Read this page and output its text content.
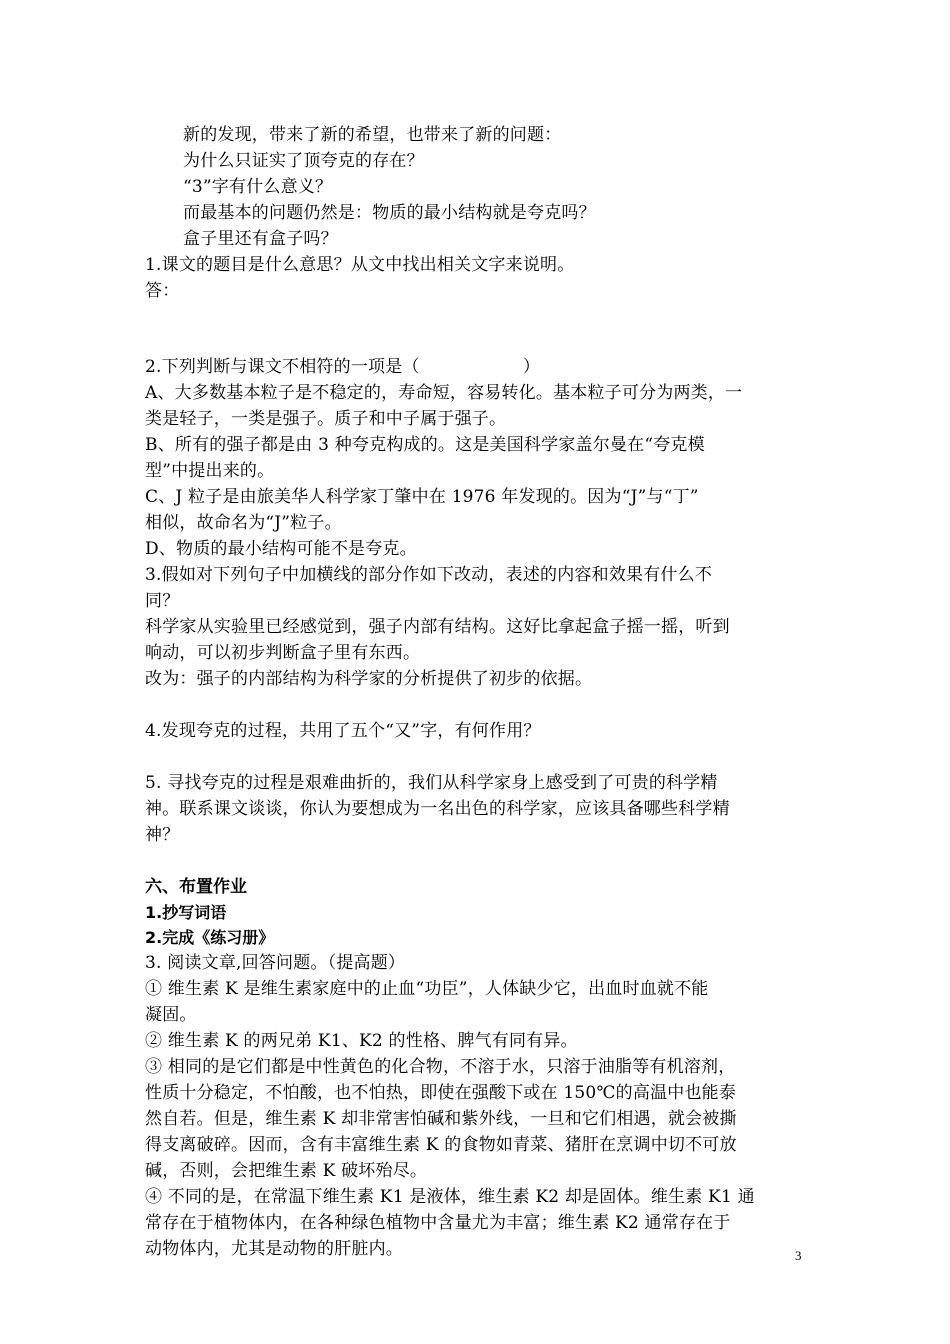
新的发现，带来了新的希望，也带来了新的问题：
为什么只证实了顶夸克的存在？
“3”字有什么意义？
而最基本的问题仍然是：物质的最小结构就是夸克吗？
盒子里还有盒子吗？
1.课文的题目是什么意思？从文中找出相关文字来说明。
答：
2.下列判断与课文不相符的一项是（　　　　　　）
A、大多数基本粒子是不稳定的，寿命短，容易转化。基本粒子可分为两类，一
类是轻子，一类是强子。质子和中子属于强子。
B、所有的强子都是由 3 种夸克构成的。这是美国科学家盖尔曼在“夸克模
型”中提出来的。
C、J 粒子是由旅美华人科学家丁肇中在 1976 年发现的。因为“J”与“丁”
相似，故命名为“J”粒子。
D、物质的最小结构可能不是夸克。
3.假如对下列句子中加横线的部分作如下改动，表述的内容和效果有什么不
同？
科学家从实验里已经感觉到，强子内部有结构。这好比拿起盒子摇一摇，听到
响动，可以初步判断盒子里有东西。
改为：强子的内部结构为科学家的分析提供了初步的依据。
4.发现夸克的过程，共用了五个“又”字，有何作用？
5. 寻找夸克的过程是艰难曲折的，我们从科学家身上感受到了可贵的科学精
神。联系课文谈谈，你认为要想成为一名出色的科学家，应该具备哪些科学精
神？
六、布置作业
1.抄写词语
2.完成《练习册》
3. 阅读文章,回答问题。（提高题）
① 维生素 K 是维生素家庭中的止血“功臣”，人体缺少它，出血时血就不能
凝固。
② 维生素 K 的两兄弟 K1、K2 的性格、脾气有同有异。
③ 相同的是它们都是中性黄色的化合物，不溶于水，只溶于油脂等有机溶剂，
性质十分稳定，不怕酸，也不怕热，即使在强酸下或在 150℃的高温中也能泰
然自若。但是，维生素 K 却非常害怕碱和紫外线，一旦和它们相遇，就会被撕
得支离破碎。因而，含有丰富维生素 K 的食物如青菜、猪肝在烹调中切不可放
碱，否则，会把维生素 K 破坏殆尽。
④ 不同的是，在常温下维生素 K1 是液体，维生素 K2 却是固体。维生素 K1 通
常存在于植物体内，在各种绿色植物中含量尤为丰富；维生素 K2 通常存在于
动物体内，尤其是动物的肝脏内。	3
